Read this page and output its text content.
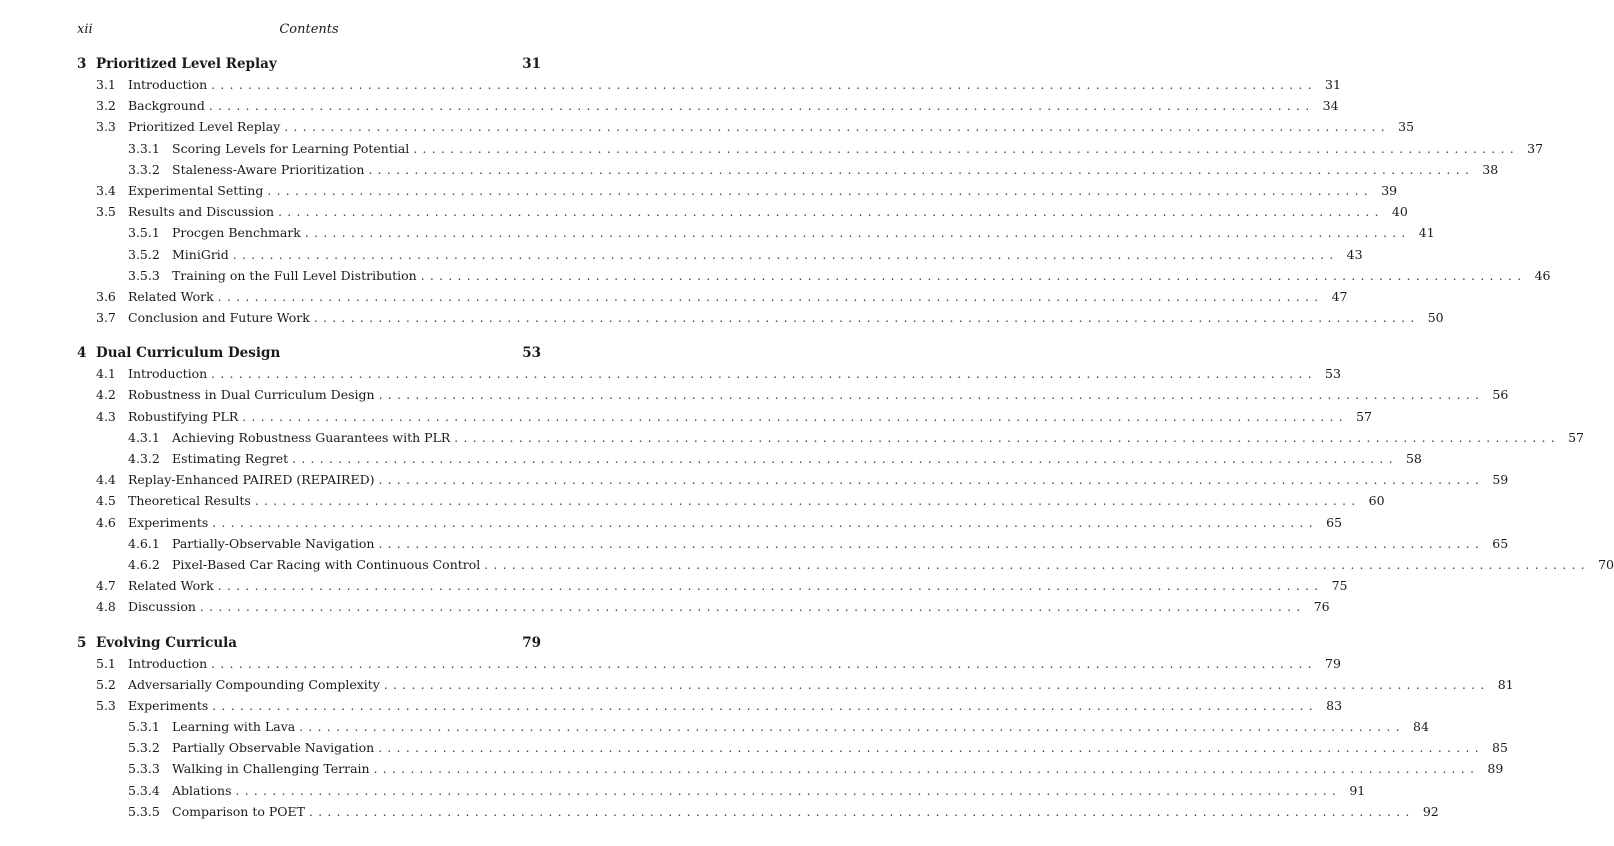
xii	Contents
3 Prioritized Level Replay	31
3.1 Introduction ........................................................................................................................ 31
3.2 Background ........................................................................................................................ 34
3.3 Prioritized Level Replay ........................................................................................................................ 35
3.3.1 Scoring Levels for Learning Potential ........................................................................................................................ 37
3.3.2 Staleness-Aware Prioritization ........................................................................................................................ 38
3.4 Experimental Setting ........................................................................................................................ 39
3.5 Results and Discussion ........................................................................................................................ 40
3.5.1 Procgen Benchmark ........................................................................................................................ 41
3.5.2 MiniGrid ........................................................................................................................ 43
3.5.3 Training on the Full Level Distribution ........................................................................................................................ 46
3.6 Related Work ........................................................................................................................ 47
3.7 Conclusion and Future Work ........................................................................................................................ 50
4 Dual Curriculum Design	53
4.1 Introduction ........................................................................................................................ 53
4.2 Robustness in Dual Curriculum Design ........................................................................................................................ 56
4.3 Robustifying PLR ........................................................................................................................ 57
4.3.1 Achieving Robustness Guarantees with PLR ........................................................................................................................ 57
4.3.2 Estimating Regret ........................................................................................................................ 58
4.4 Replay-Enhanced PAIRED (REPAIRED) ........................................................................................................................ 59
4.5 Theoretical Results ........................................................................................................................ 60
4.6 Experiments ........................................................................................................................ 65
4.6.1 Partially-Observable Navigation ........................................................................................................................ 65
4.6.2 Pixel-Based Car Racing with Continuous Control ........................................................................................................................ 70
4.7 Related Work ........................................................................................................................ 75
4.8 Discussion ........................................................................................................................ 76
5 Evolving Curricula	79
5.1 Introduction ........................................................................................................................ 79
5.2 Adversarially Compounding Complexity ........................................................................................................................ 81
5.3 Experiments ........................................................................................................................ 83
5.3.1 Learning with Lava ........................................................................................................................ 84
5.3.2 Partially Observable Navigation ........................................................................................................................ 85
5.3.3 Walking in Challenging Terrain ........................................................................................................................ 89
5.3.4 Ablations ........................................................................................................................ 91
5.3.5 Comparison to POET ........................................................................................................................ 92
